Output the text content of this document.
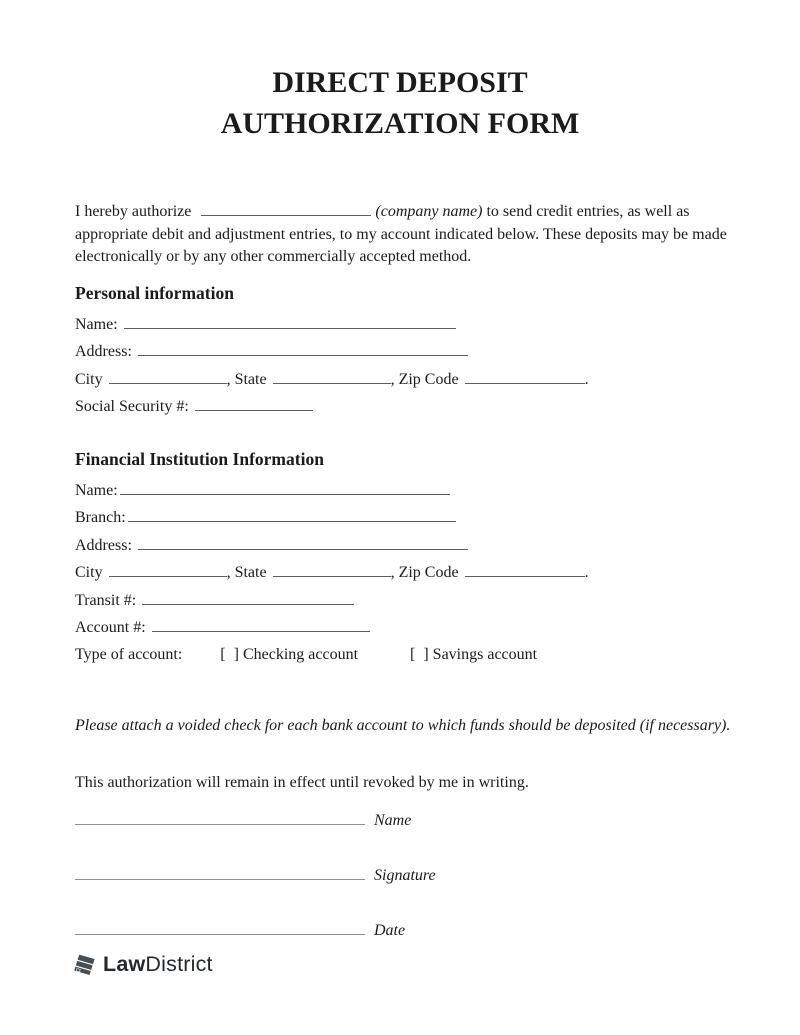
DIRECT DEPOSIT
AUTHORIZATION FORM

I hereby authorize	(company name) to send credit entries, as well as appropriate debit and adjustment entries, to my account indicated below. These deposits may be made electronically or by any other commercially accepted method.

Personal information
Name:
Address:
City	, State	, Zip Code	.
Social Security #:
Financial Institution Information
Name:
Branch:
Address:
City	, State	, Zip Code	.
Transit #:
Account #:
Type of account: [  ] Checking account	[  ] Savings account

Please attach a voided check for each bank account to which funds should be deposited (if necessary).

This authorization will remain in effect until revoked by me in writing.

Name
Signature
Date
Law District
